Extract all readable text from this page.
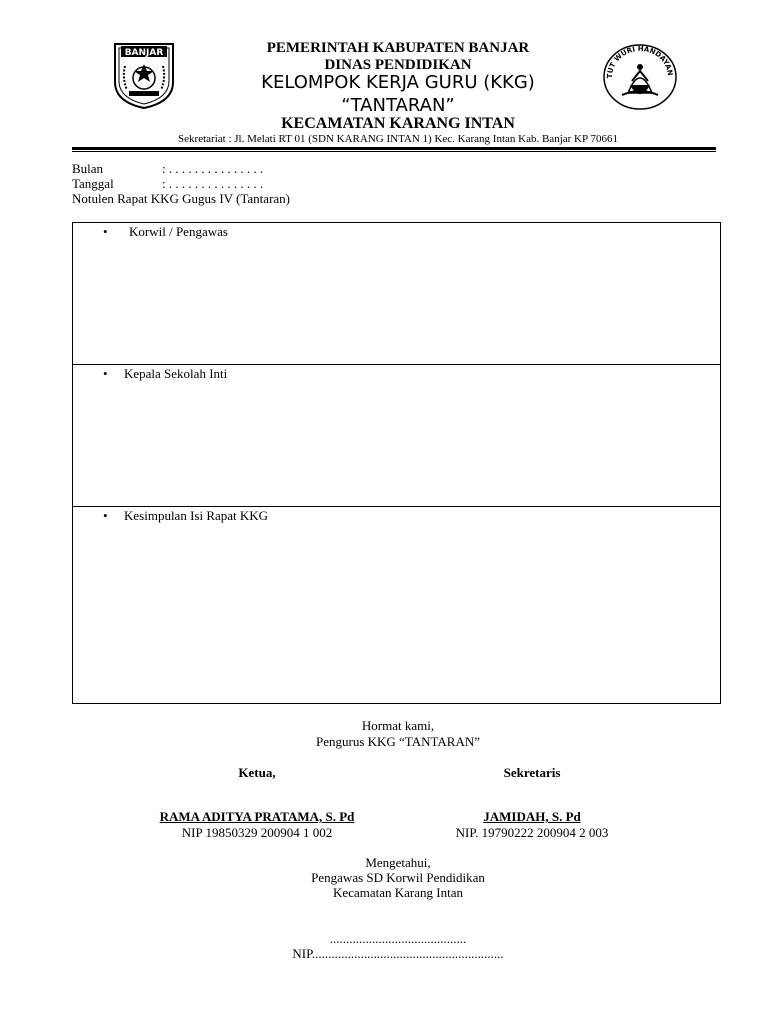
BANJAR
TUT WURI HANDAYAN
PEMERINTAH KABUPATEN BANJAR
DINAS PENDIDIKAN
KELOMPOK KERJA GURU (KKG)
“TANTARAN”
KECAMATAN KARANG INTAN
Sekretariat : Jl. Melati RT 01 (SDN KARANG INTAN 1) Kec. Karang Intan Kab. Banjar KP 70661
Bulan	: . . . . . . . . . . . . . . .
Tanggal	: . . . . . . . . . . . . . . .
Notulen Rapat KKG Gugus IV (Tantaran)
• Korwil / Pengawas
• Kepala Sekolah Inti
• Kesimpulan Isi Rapat KKG
Hormat kami,
Pengurus KKG “TANTARAN”
Ketua,	Sekretaris
RAMA ADITYA PRATAMA, S. Pd
NIP 19850329 200904 1 002
JAMIDAH, S. Pd
NIP. 19790222 200904 2 003
Mengetahui,
Pengawas SD Korwil Pendidikan
Kecamatan Karang Intan
..........................................
NIP...........................................................
